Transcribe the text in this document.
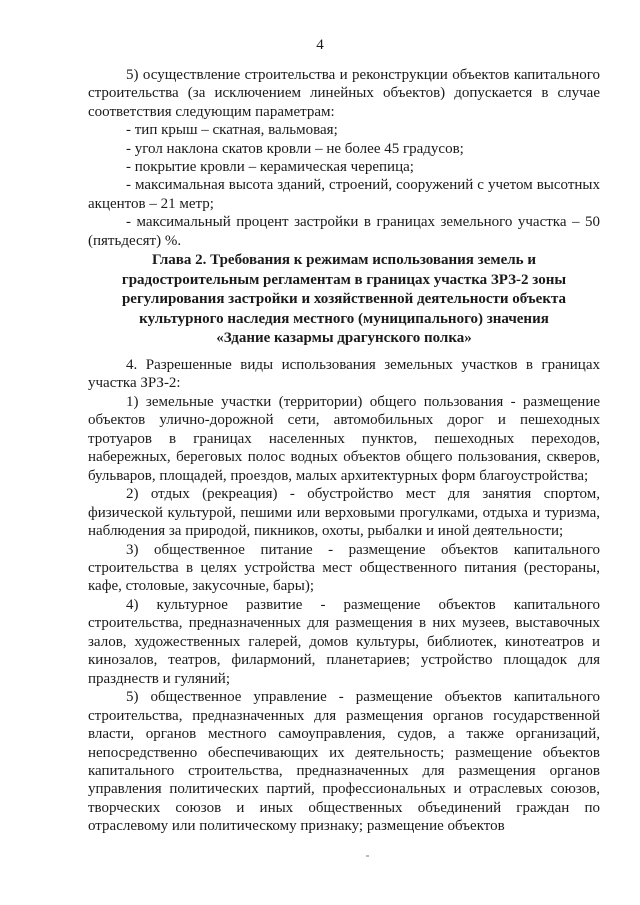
4

5) осуществление строительства и реконструкции объектов капитального строительства (за исключением линейных объектов) допускается в случае соответствия следующим параметрам:

- тип крыш – скатная, вальмовая;

- угол наклона скатов кровли – не более 45 градусов;

- покрытие кровли – керамическая черепица;

- максимальная высота зданий, строений, сооружений с учетом высотных акцентов – 21 метр;

- максимальный процент застройки в границах земельного участка – 50 (пятьдесят) %.

Глава 2. Требования к режимам использования земель и
градостроительным регламентам в границах участка ЗРЗ-2 зоны
регулирования застройки и хозяйственной деятельности объекта
культурного наследия местного (муниципального) значения
«Здание казармы драгунского полка»

4. Разрешенные виды использования земельных участков в границах участка ЗРЗ-2:

1) земельные участки (территории) общего пользования - размещение объектов улично-дорожной сети, автомобильных дорог и пешеходных тротуаров в границах населенных пунктов, пешеходных переходов, набережных, береговых полос водных объектов общего пользования, скверов, бульваров, площадей, проездов, малых архитектурных форм благоустройства;

2) отдых (рекреация) - обустройство мест для занятия спортом, физической культурой, пешими или верховыми прогулками, отдыха и туризма, наблюдения за природой, пикников, охоты, рыбалки и иной деятельности;

3) общественное питание - размещение объектов капитального строительства в целях устройства мест общественного питания (рестораны, кафе, столовые, закусочные, бары);

4) культурное развитие - размещение объектов капитального строительства, предназначенных для размещения в них музеев, выставочных залов, художественных галерей, домов культуры, библиотек, кинотеатров и кинозалов, театров, филармоний, планетариев; устройство площадок для празднеств и гуляний;

5) общественное управление - размещение объектов капитального строительства, предназначенных для размещения органов государственной власти, органов местного самоуправления, судов, а также организаций, непосредственно обеспечивающих их деятельность; размещение объектов капитального строительства, предназначенных для размещения органов управления политических партий, профессиональных и отраслевых союзов, творческих союзов и иных общественных объединений граждан по отраслевому или политическому признаку; размещение объектов
